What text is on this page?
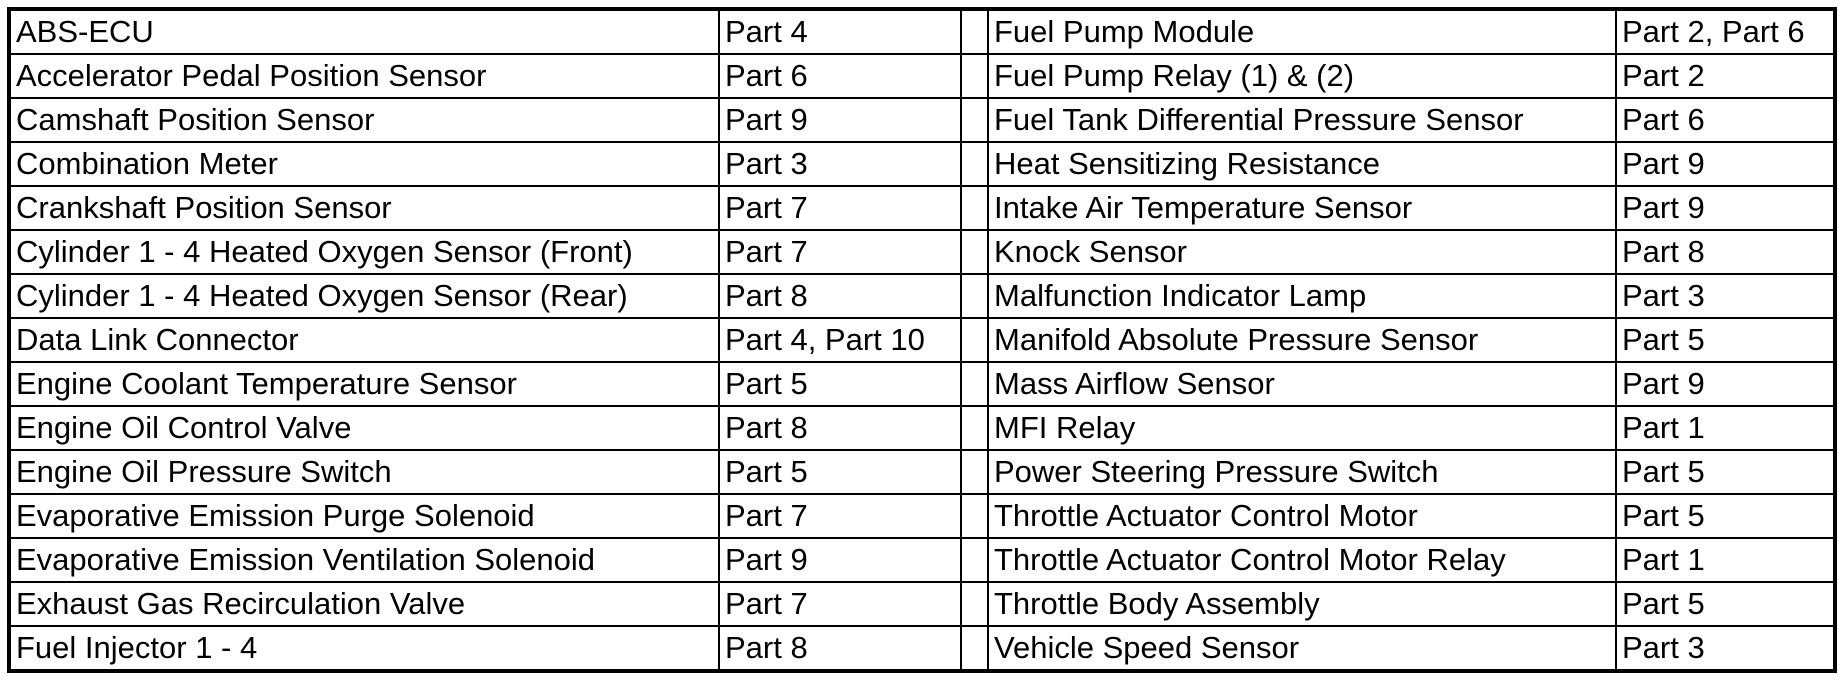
ABS-ECU	Part 4		Fuel Pump Module	Part 2, Part 6
Accelerator Pedal Position Sensor	Part 6		Fuel Pump Relay (1) & (2)	Part 2
Camshaft Position Sensor	Part 9		Fuel Tank Differential Pressure Sensor	Part 6
Combination Meter	Part 3		Heat Sensitizing Resistance	Part 9
Crankshaft Position Sensor	Part 7		Intake Air Temperature Sensor	Part 9
Cylinder 1 - 4 Heated Oxygen Sensor (Front)	Part 7		Knock Sensor	Part 8
Cylinder 1 - 4 Heated Oxygen Sensor (Rear)	Part 8		Malfunction Indicator Lamp	Part 3
Data Link Connector	Part 4, Part 10		Manifold Absolute Pressure Sensor	Part 5
Engine Coolant Temperature Sensor	Part 5		Mass Airflow Sensor	Part 9
Engine Oil Control Valve	Part 8		MFI Relay	Part 1
Engine Oil Pressure Switch	Part 5		Power Steering Pressure Switch	Part 5
Evaporative Emission Purge Solenoid	Part 7		Throttle Actuator Control Motor	Part 5
Evaporative Emission Ventilation Solenoid	Part 9		Throttle Actuator Control Motor Relay	Part 1
Exhaust Gas Recirculation Valve	Part 7		Throttle Body Assembly	Part 5
Fuel Injector 1 - 4	Part 8		Vehicle Speed Sensor	Part 3
